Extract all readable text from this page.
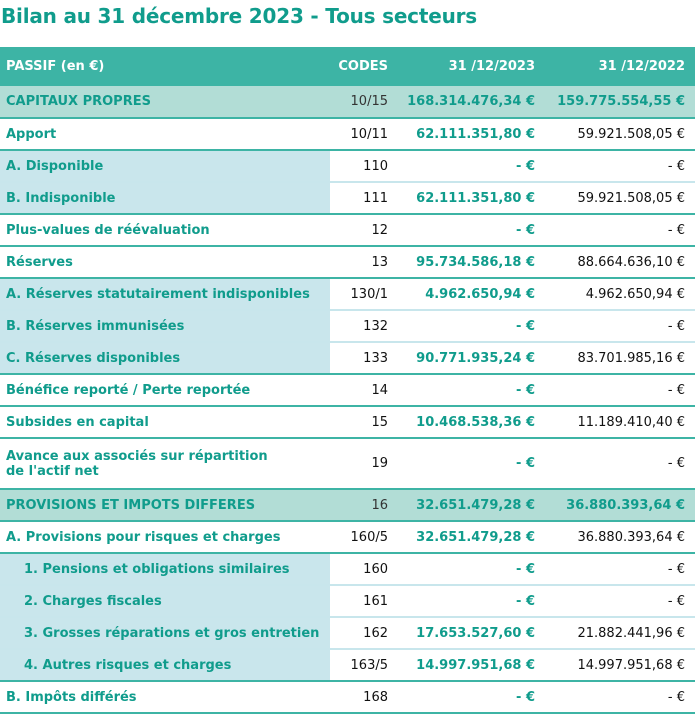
Bilan au 31 décembre 2023 - Tous secteurs
PASSIF (en €)	CODES	31 /12/2023	31 /12/2022
CAPITAUX PROPRES	10/15	168.314.476,34 €	159.775.554,55 €
Apport	10/11	62.111.351,80 €	59.921.508,05 €
A. Disponible	110	- €	- €
B. Indisponible	111	62.111.351,80 €	59.921.508,05 €
Plus-values de réévaluation	12	- €	- €
Réserves	13	95.734.586,18 €	88.664.636,10 €
A. Réserves statutairement indisponibles	130/1	4.962.650,94 €	4.962.650,94 €
B. Réserves immunisées	132	- €	- €
C. Réserves disponibles	133	90.771.935,24 €	83.701.985,16 €
Bénéfice reporté / Perte reportée	14	- €	- €
Subsides en capital	15	10.468.538,36 €	11.189.410,40 €
Avance aux associés sur répartition de l'actif net	19	- €	- €
PROVISIONS ET IMPOTS DIFFERES	16	32.651.479,28 €	36.880.393,64 €
A. Provisions pour risques et charges	160/5	32.651.479,28 €	36.880.393,64 €
1. Pensions et obligations similaires	160	- €	- €
2. Charges fiscales	161	- €	- €
3. Grosses réparations et gros entretien	162	17.653.527,60 €	21.882.441,96 €
4. Autres risques et charges	163/5	14.997.951,68 €	14.997.951,68 €
B. Impôts différés	168	- €	- €
